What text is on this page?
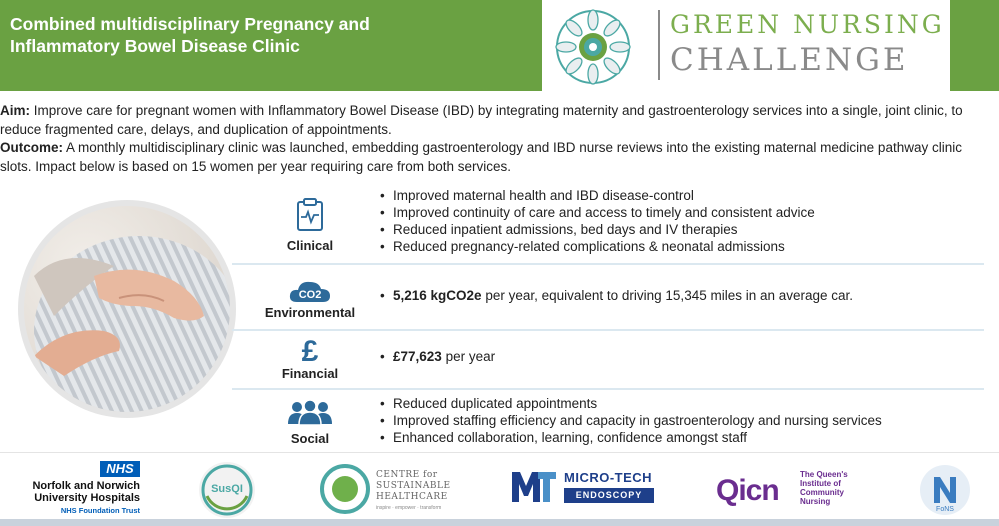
Combined multidisciplinary Pregnancy and
Inflammatory Bowel Disease Clinic
GREEN NURSING
CHALLENGE

Aim: Improve care for pregnant women with Inflammatory Bowel Disease (IBD) by integrating maternity and gastroenterology services into a single, joint clinic, to reduce fragmented care, delays, and duplication of appointments.

Outcome: A monthly multidisciplinary clinic was launched, embedding gastroenterology and IBD nurse reviews into the existing maternal medicine pathway clinic slots. Impact below is based on 15 women per year requiring care from both services.

Clinical
• Improved maternal health and IBD disease-control
• Improved continuity of care and access to timely and consistent advice
• Reduced inpatient admissions, bed days and IV therapies
• Reduced pregnancy-related complications & neonatal admissions
CO2
Environmental
• 5,216 kgCO2e per year, equivalent to driving 15,345 miles in an average car.
£
Financial
• £77,623 per year
Social
• Reduced duplicated appointments
• Improved staffing efficiency and capacity in gastroenterology and nursing services
• Enhanced collaboration, learning, confidence amongst staff
NHS
Norfolk and Norwich
University Hospitals
NHS Foundation Trust
SusQI
CENTRE for
SUSTAINABLE
HEALTHCARE
inspire · empower · transform
MICRO-TECH
ENDOSCOPY	Qicn	The Queen's Institute of Community Nursing
FoNS
